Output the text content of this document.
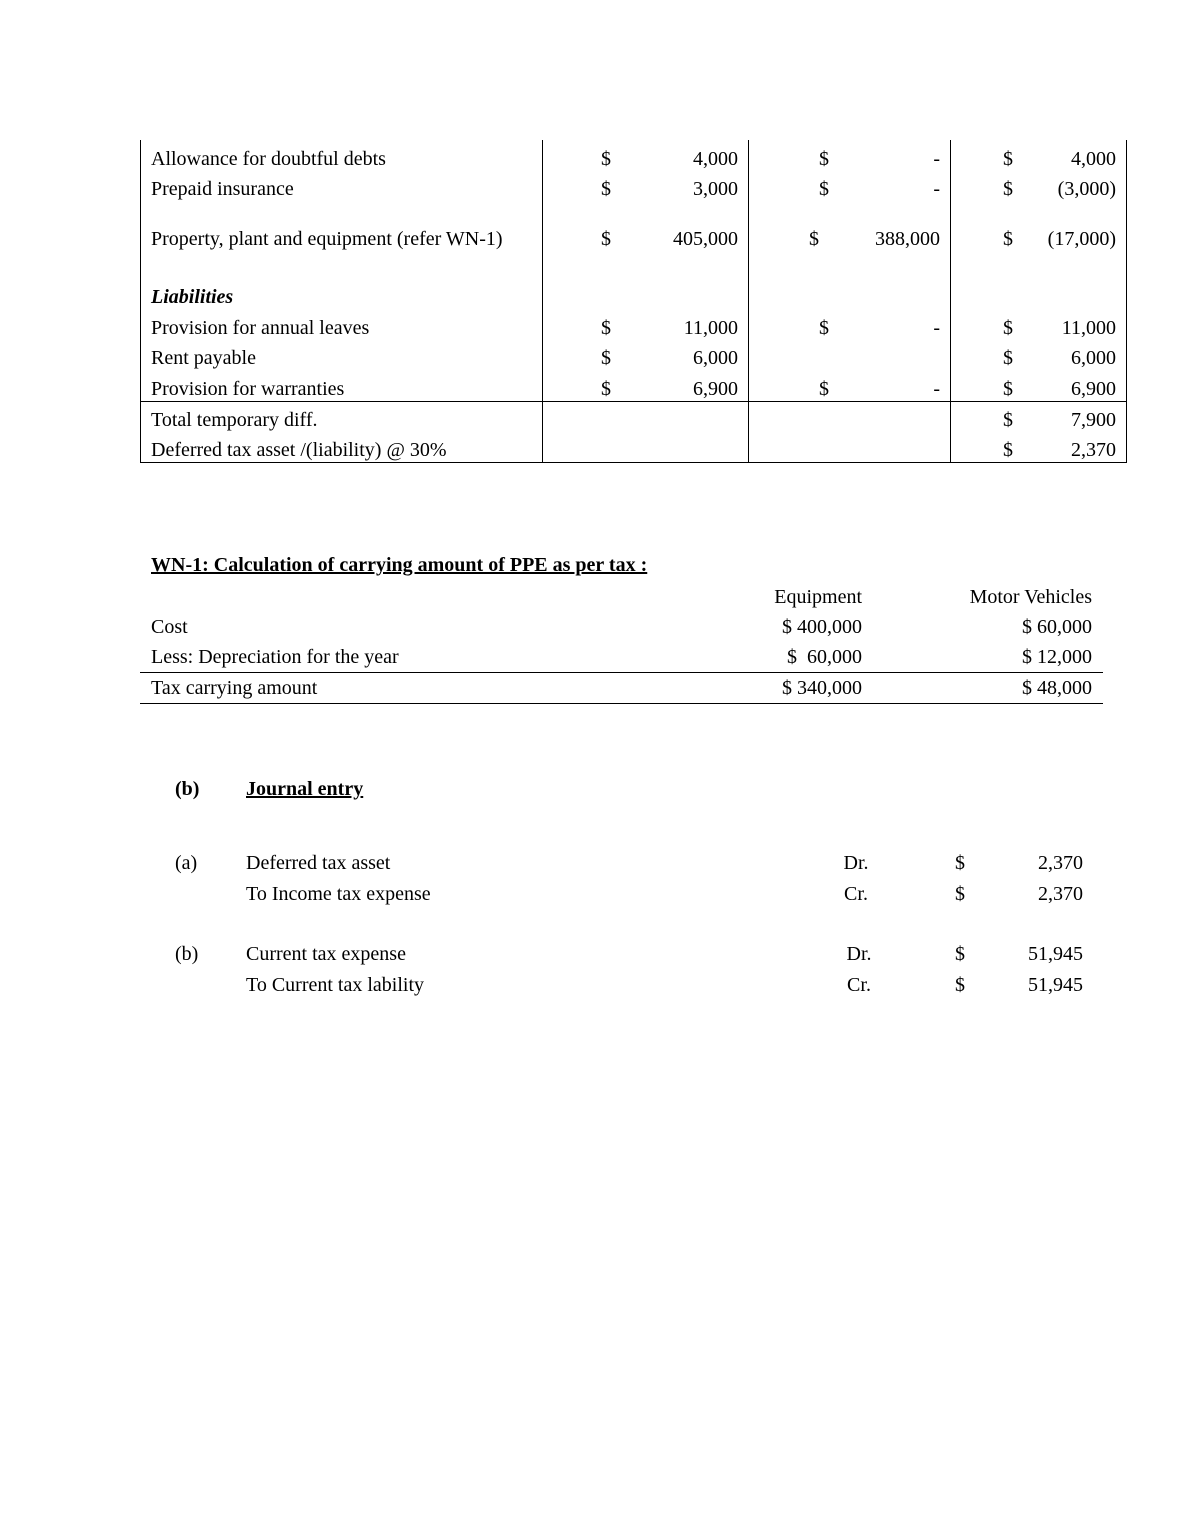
Allowance for doubtful debts	$ 4,000	$ -	$ 4,000

Prepaid insurance	$ 3,000	$ -	$ (3,000)

Property, plant and equipment (refer WN-1)	$ 405,000	$ 388,000	$ (17,000)

Liabilities			
Provision for annual leaves	$ 11,000	$ -	$ 11,000

Rent payable	$ 6,000		$ 6,000

Provision for warranties	$ 6,900	$ -	$ 6,900

Total temporary diff.			$ 7,900

Deferred tax asset /(liability) @ 30%			$ 2,370
WN-1: Calculation of carrying amount of PPE as per tax :
	Equipment	Motor Vehicles
Cost	$ 400,000	$ 60,000
Less: Depreciation for the year	$  60,000	$ 12,000
Tax carrying amount	$ 340,000	$ 48,000
(b) Journal entry
(a) Deferred tax asset	Dr.	$	2,370
To Income tax expense	Cr.	$	2,370
(b) Current tax expense	Dr.	$	51,945
To Current tax lability	Cr.	$	51,945
